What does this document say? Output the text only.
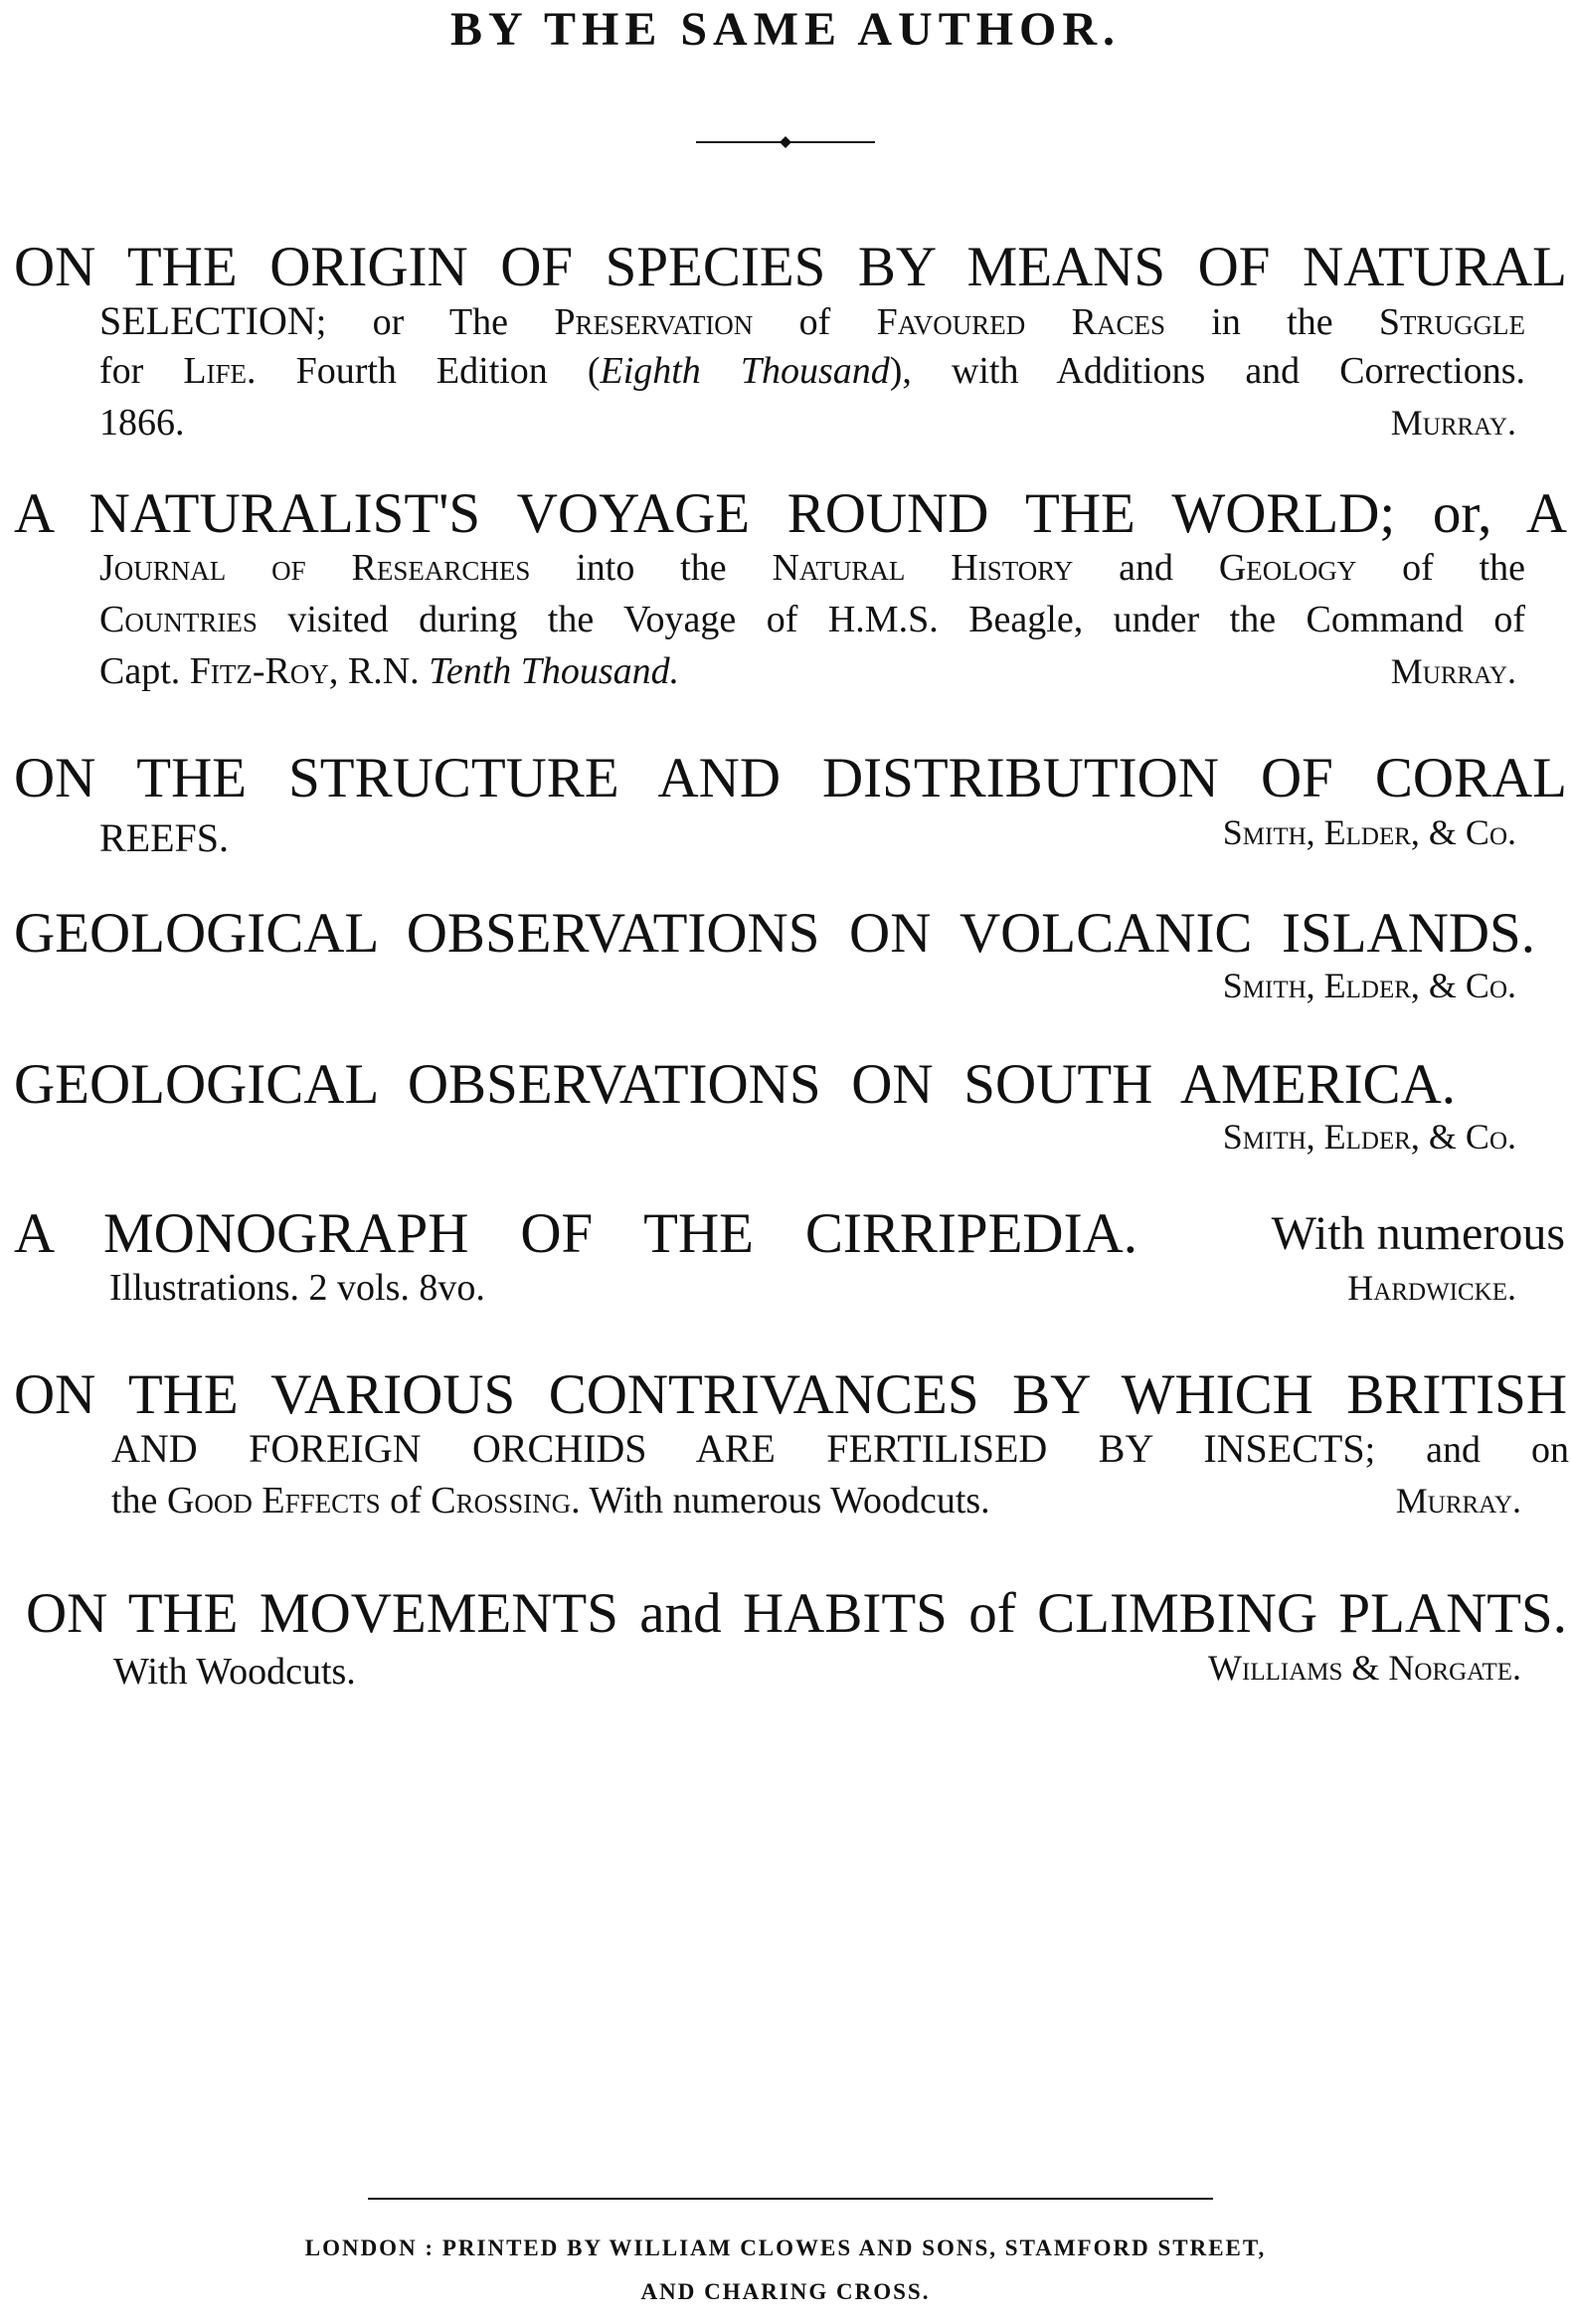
BY THE SAME AUTHOR.
ON THE ORIGIN OF SPECIES BY MEANS OF NATURAL
SELECTION; or The Preservation of Favoured Races in the Struggle
for Life. Fourth Edition (Eighth Thousand), with Additions and Corrections.
1866.	Murray.
A NATURALIST'S VOYAGE ROUND THE WORLD; or, A
Journal of Researches into the Natural History and Geology of the
Countries visited during the Voyage of H.M.S. Beagle, under the Command of
Capt. Fitz-Roy, R.N. Tenth Thousand.	Murray.
ON THE STRUCTURE AND DISTRIBUTION OF CORAL
REEFS.	Smith, Elder, & Co.
GEOLOGICAL OBSERVATIONS ON VOLCANIC ISLANDS.
Smith, Elder, & Co.
GEOLOGICAL OBSERVATIONS ON SOUTH AMERICA.
Smith, Elder, & Co.
A MONOGRAPH OF THE CIRRIPEDIA.	With numerous
Illustrations. 2 vols. 8vo.	Hardwicke.
ON THE VARIOUS CONTRIVANCES BY WHICH BRITISH
AND FOREIGN ORCHIDS ARE FERTILISED BY INSECTS; and on
the Good Effects of Crossing. With numerous Woodcuts.	Murray.
ON THE MOVEMENTS and HABITS of CLIMBING PLANTS.
With Woodcuts.	Williams & Norgate.
LONDON : PRINTED BY WILLIAM CLOWES AND SONS, STAMFORD STREET,
AND CHARING CROSS.
